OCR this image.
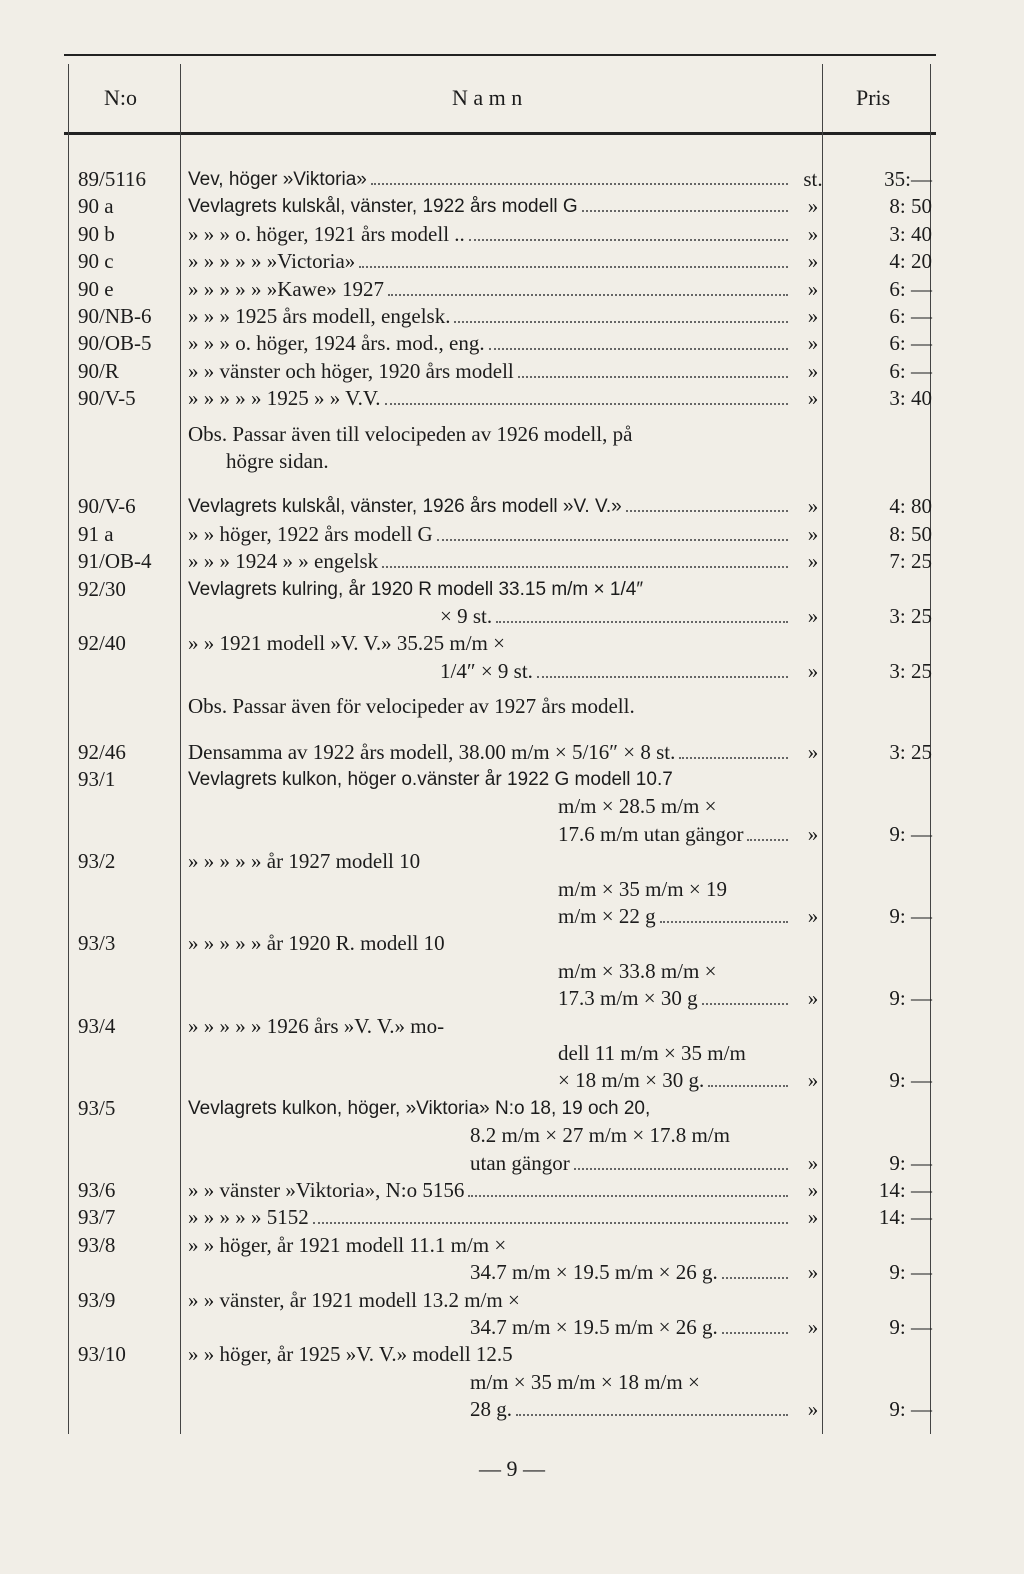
N:o	N a m n	Pris
89/5116 Vev, höger »Viktoria»	st.	35:—
90 a	Vevlagrets kulskål, vänster, 1922 års modell G	»	8: 50
90 b	» » » o. höger, 1921 års modell ..	»	3: 40
90 c	» » » » » »Victoria»	»	4: 20
90 e	» » » » » »Kawe» 1927	»	6: —
90/NB-6 » » » 1925 års modell, engelsk.	»	6: —
90/OB-5 » » » o. höger, 1924 års. mod., eng.	»	6: —
90/R	» » vänster och höger, 1920 års modell	»	6: —
90/V-5 » » » » » 1925 » » V.V.	»	3: 40
Obs. Passar även till velocipeden av 1926 modell, på
högre sidan.
90/V-6	Vevlagrets kulskål, vänster, 1926 års modell »V. V.»	»	4: 80
91 a	» » höger, 1922 års modell G	»	8: 50
91/OB-4 » » » 1924 » » engelsk	»	7: 25
92/30	Vevlagrets kulring, år 1920 R modell 33.15 m/m × 1/4″
× 9 st.	»	3: 25
92/40	» » 1921 modell »V. V.» 35.25 m/m ×
1/4″ × 9 st.	»	3: 25
Obs. Passar även för velocipeder av 1927 års modell.
92/46	Densamma av 1922 års modell, 38.00 m/m × 5/16″ × 8 st.	»	3: 25
93/1	Vevlagrets kulkon, höger o.vänster år 1922 G modell 10.7
m/m × 28.5 m/m ×
17.6 m/m utan gängor	»	9: —
93/2	» » » » » år 1927 modell 10
m/m × 35 m/m × 19
m/m × 22 g	»	9: —
93/3	» » » » » år 1920 R. modell 10
m/m × 33.8 m/m ×
17.3 m/m × 30 g	»	9: —
93/4	» » » » » 1926 års »V. V.» mo-
dell 11 m/m × 35 m/m
× 18 m/m × 30 g.	»	9: —
93/5	Vevlagrets kulkon, höger, »Viktoria» N:o 18, 19 och 20,
8.2 m/m × 27 m/m × 17.8 m/m
utan gängor	»	9: —
93/6	» » vänster »Viktoria», N:o 5156	»	14: —
93/7	» » » » » 5152	»	14: —
93/8	» » höger, år 1921 modell 11.1 m/m ×
34.7 m/m × 19.5 m/m × 26 g.	»	9: —
93/9	» » vänster, år 1921 modell 13.2 m/m ×
34.7 m/m × 19.5 m/m × 26 g.	»	9: —
93/10	» » höger, år 1925 »V. V.» modell 12.5
m/m × 35 m/m × 18 m/m ×
28 g.	»	9: —
— 9 —
